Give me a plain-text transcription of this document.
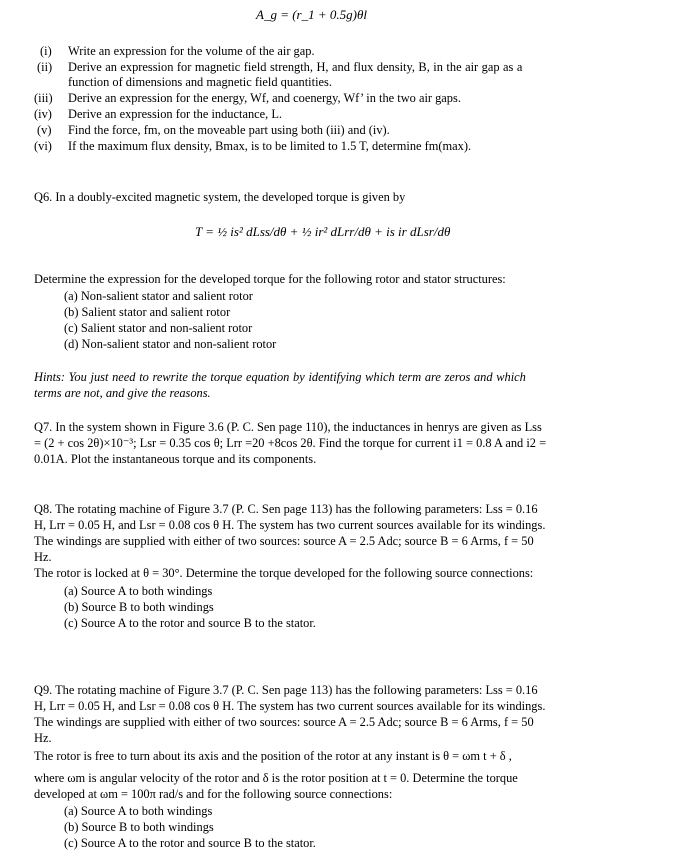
A_g = (r_1 + 0.5g)θl
(i) Write an expression for the volume of the air gap.
(ii) Derive an expression for magnetic field strength, H, and flux density, B, in the air gap as a
function of dimensions and magnetic field quantities.
(iii) Derive an expression for the energy, Wf, and coenergy, Wf’ in the two air gaps.
(iv) Derive an expression for the inductance, L.
(v) Find the force, fm, on the moveable part using both (iii) and (iv).
(vi) If the maximum flux density, Bmax, is to be limited to 1.5 T, determine fm(max).
Q6. In a doubly-excited magnetic system, the developed torque is given by
T = ½ is² dLss/dθ + ½ ir² dLrr/dθ + is ir dLsr/dθ
Determine the expression for the developed torque for the following rotor and stator structures:
(a) Non-salient stator and salient rotor
(b) Salient stator and salient rotor
(c) Salient stator and non-salient rotor
(d) Non-salient stator and non-salient rotor
Hints: You just need to rewrite the torque equation by identifying which term are zeros and which
terms are not, and give the reasons.
Q7. In the system shown in Figure 3.6 (P. C. Sen page 110), the inductances in henrys are given as Lss
= (2 + cos 2θ)×10⁻³; Lsr = 0.35 cos θ; Lrr =20 +8cos 2θ. Find the torque for current i1 = 0.8 A and i2 =
0.01A. Plot the instantaneous torque and its components.
Q8. The rotating machine of Figure 3.7 (P. C. Sen page 113) has the following parameters: Lss = 0.16
H, Lrr = 0.05 H, and Lsr = 0.08 cos θ H. The system has two current sources available for its windings.
The windings are supplied with either of two sources: source A = 2.5 Adc; source B = 6 Arms, f = 50
Hz.
The rotor is locked at θ = 30°. Determine the torque developed for the following source connections:
(a) Source A to both windings
(b) Source B to both windings
(c) Source A to the rotor and source B to the stator.
Q9. The rotating machine of Figure 3.7 (P. C. Sen page 113) has the following parameters: Lss = 0.16
H, Lrr = 0.05 H, and Lsr = 0.08 cos θ H. The system has two current sources available for its windings.
The windings are supplied with either of two sources: source A = 2.5 Adc; source B = 6 Arms, f = 50
Hz.
The rotor is free to turn about its axis and the position of the rotor at any instant is θ = ωm t + δ ,
where ωm is angular velocity of the rotor and δ is the rotor position at t = 0. Determine the torque
developed at ωm = 100π rad/s and for the following source connections:
(a) Source A to both windings
(b) Source B to both windings
(c) Source A to the rotor and source B to the stator.
